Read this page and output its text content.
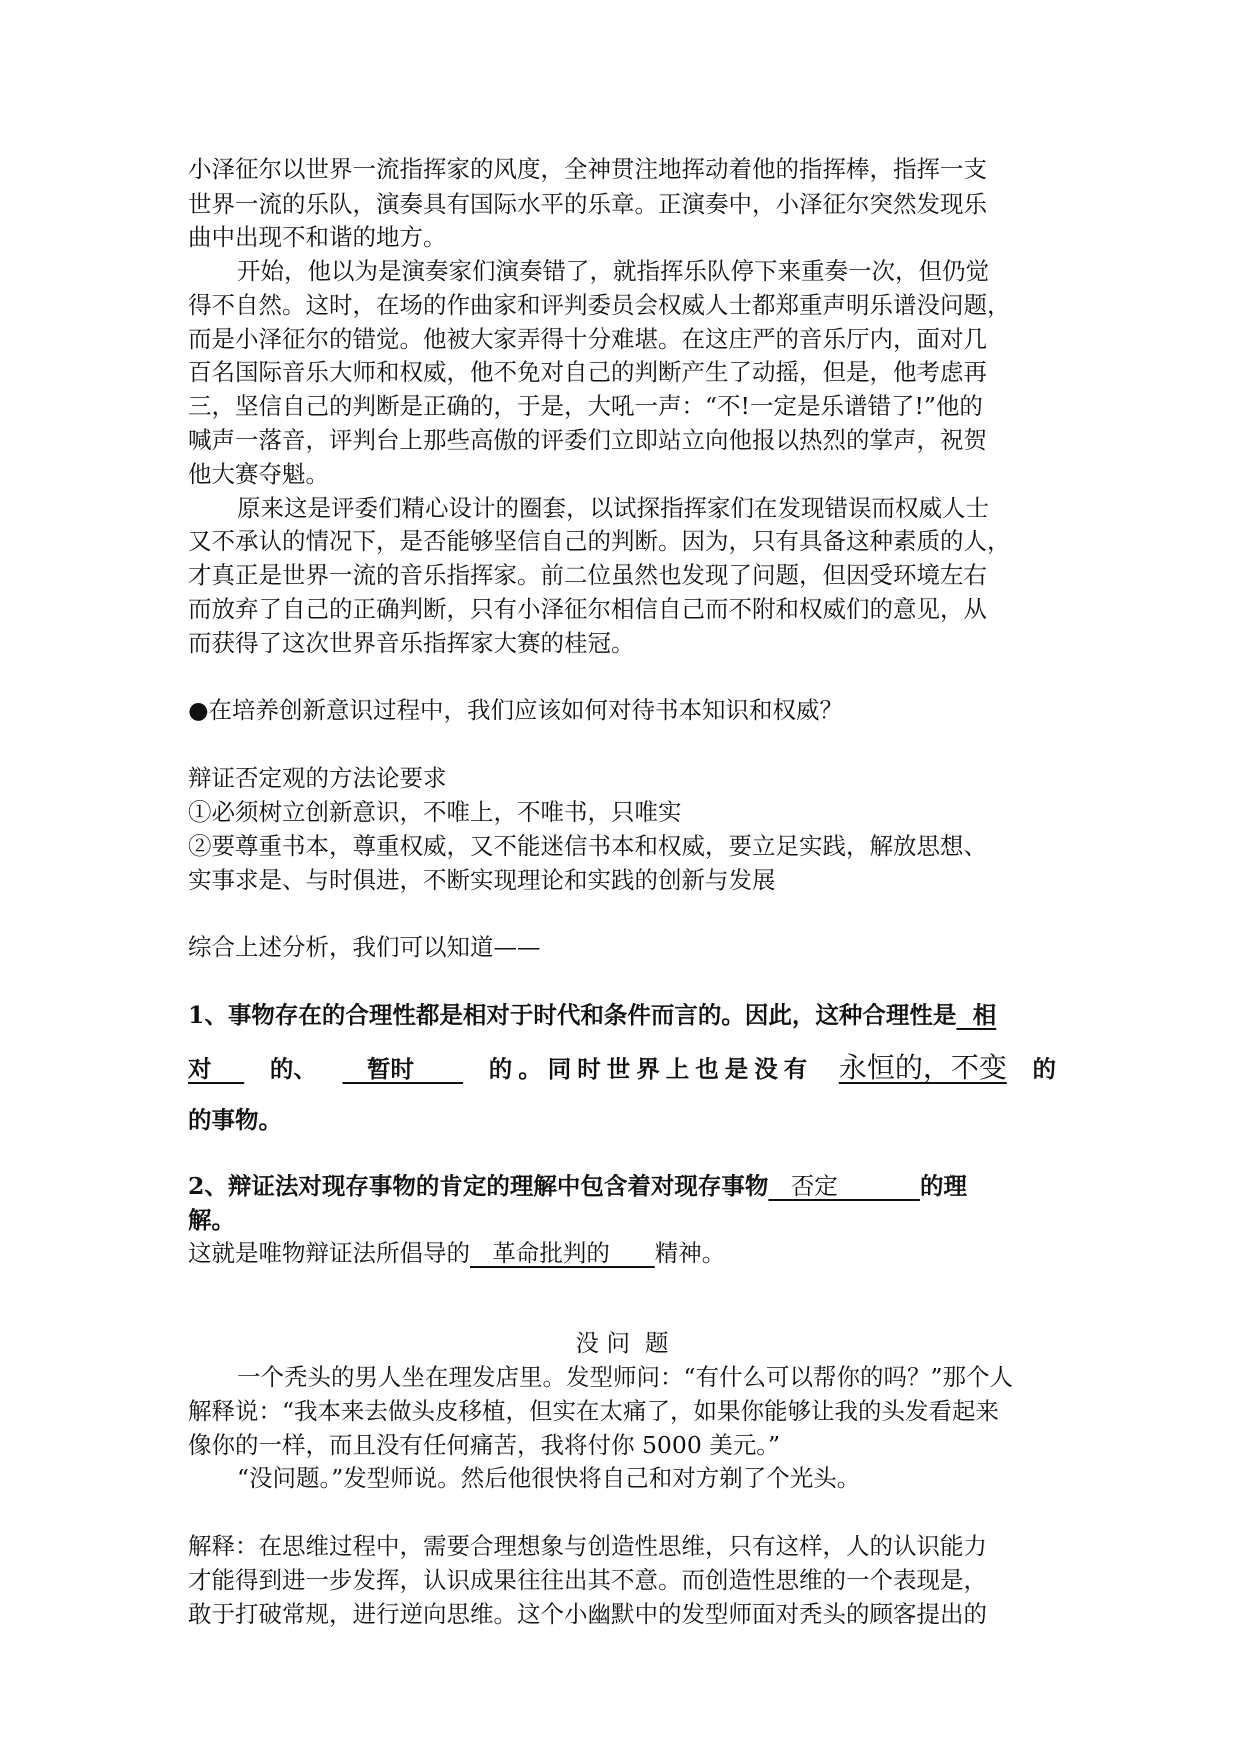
小泽征尔以世界一流指挥家的风度，全神贯注地挥动着他的指挥棒，指挥一支
世界一流的乐队，演奏具有国际水平的乐章。正演奏中，小泽征尔突然发现乐
曲中出现不和谐的地方。
开始，他以为是演奏家们演奏错了，就指挥乐队停下来重奏一次，但仍觉
得不自然。这时，在场的作曲家和评判委员会权威人士都郑重声明乐谱没问题，
而是小泽征尔的错觉。他被大家弄得十分难堪。在这庄严的音乐厅内，面对几
百名国际音乐大师和权威，他不免对自己的判断产生了动摇，但是，他考虑再
三，坚信自己的判断是正确的，于是，大吼一声：“不!一定是乐谱错了!”他的
喊声一落音，评判台上那些高傲的评委们立即站立向他报以热烈的掌声，祝贺
他大赛夺魁。
原来这是评委们精心设计的圈套，以试探指挥家们在发现错误而权威人士
又不承认的情况下，是否能够坚信自己的判断。因为，只有具备这种素质的人，
才真正是世界一流的音乐指挥家。前二位虽然也发现了问题，但因受环境左右
而放弃了自己的正确判断，只有小泽征尔相信自己而不附和权威们的意见，从
而获得了这次世界音乐指挥家大赛的桂冠。
●在培养创新意识过程中，我们应该如何对待书本知识和权威？
辩证否定观的方法论要求
①必须树立创新意识，不唯上，不唯书，只唯实
②要尊重书本，尊重权威，又不能迷信书本和权威，要立足实践，解放思想、
实事求是、与时俱进，不断实现理论和实践的创新与发展
综合上述分析，我们可以知道——
1、事物存在的合理性都是相对于时代和条件而言的。因此，这种合理性是  相
对 的、 暂时 的。同时世界上也是没有 永恒的，不变 的
的事物。
2、辩证法对现存事物的肯定的理解中包含着对现存事物   否定           的理
解。
这就是唯物辩证法所倡导的   革命批判的      精神。
没 问  题
一个秃头的男人坐在理发店里。发型师问：“有什么可以帮你的吗？”那个人
解释说：“我本来去做头皮移植，但实在太痛了，如果你能够让我的头发看起来
像你的一样，而且没有任何痛苦，我将付你 5000 美元。”
“没问题。”发型师说。然后他很快将自己和对方剃了个光头。
解释：在思维过程中，需要合理想象与创造性思维，只有这样，人的认识能力
才能得到进一步发挥，认识成果往往出其不意。而创造性思维的一个表现是，
敢于打破常规，进行逆向思维。这个小幽默中的发型师面对秃头的顾客提出的
